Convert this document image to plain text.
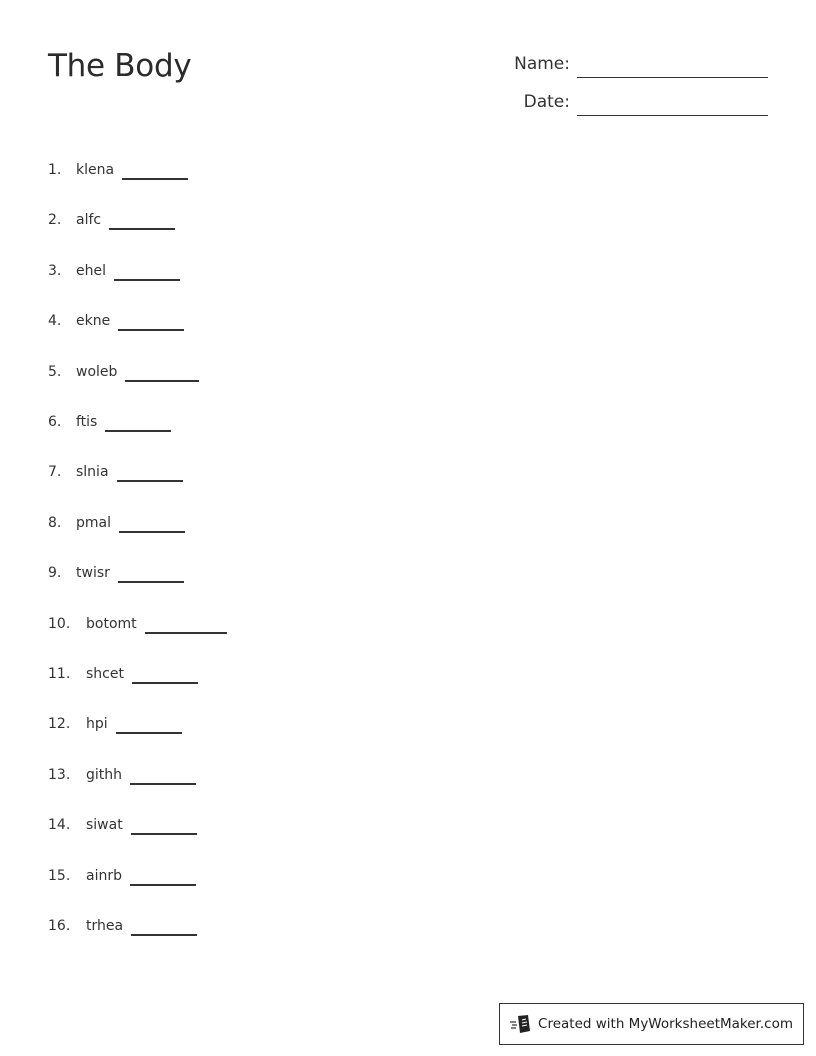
The Body	Name:
Date:
1. klena
2. alfc
3. ehel
4. ekne
5. woleb
6. ftis
7. slnia
8. pmal
9. twisr
10. botomt
11. shcet
12. hpi
13. githh
14. siwat
15. ainrb
16. trhea
Created with MyWorksheetMaker.com
